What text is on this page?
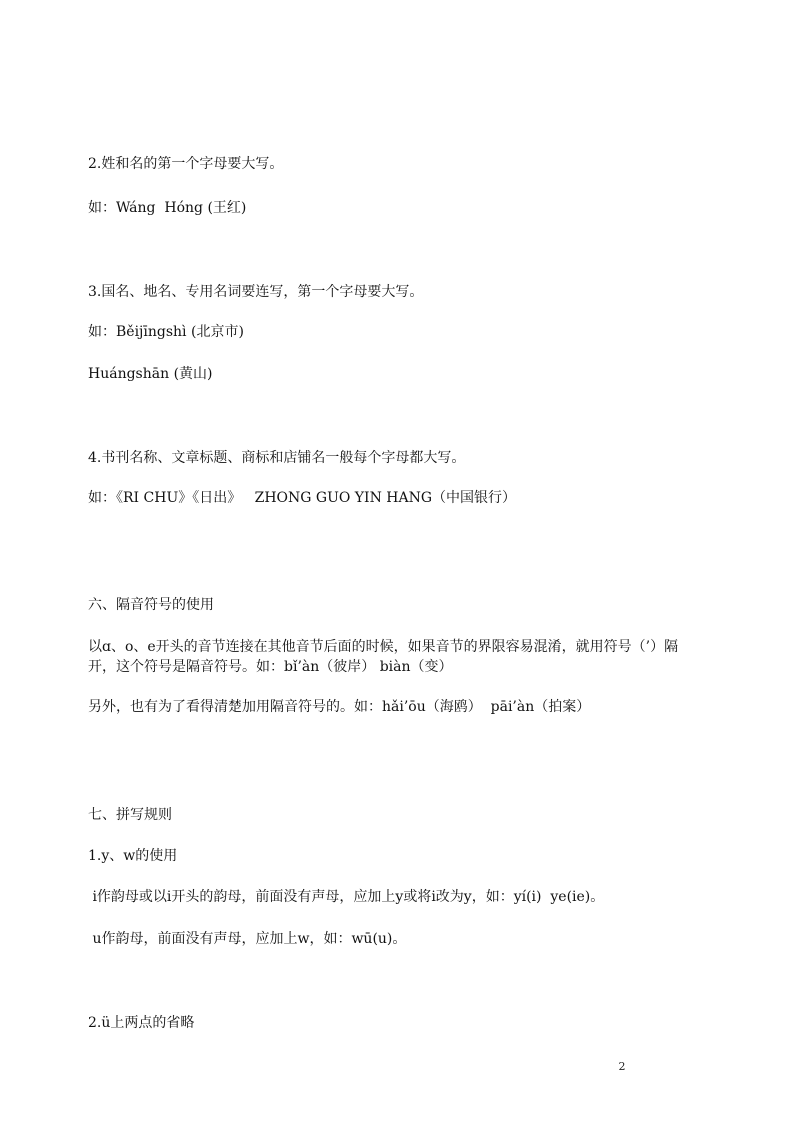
2.姓和名的第一个字母要大写。
如：Wáng  Hóng (王红)
3.国名、地名、专用名词要连写，第一个字母要大写。
如：Běijīngshì (北京市)
Huángshān (黄山)
4.书刊名称、文章标题、商标和店铺名一般每个字母都大写。
如：《RI CHU》《日出》   ZHONG GUO YIN HANG（中国银行）
六、隔音符号的使用
以ɑ、o、e开头的音节连接在其他音节后面的时候，如果音节的界限容易混淆，就用符号（’）隔开，这个符号是隔音符号。如：bǐ’àn（彼岸） biàn（变）
另外，也有为了看得清楚加用隔音符号的。如：hǎi’ōu（海鸥）  pāi’àn（拍案）
七、拼写规则
1.y、w的使用
i作韵母或以i开头的韵母，前面没有声母，应加上y或将i改为y，如：yí(i)  ye(ie)。
u作韵母，前面没有声母，应加上w，如：wū(u)。
2.ü上两点的省略
2
